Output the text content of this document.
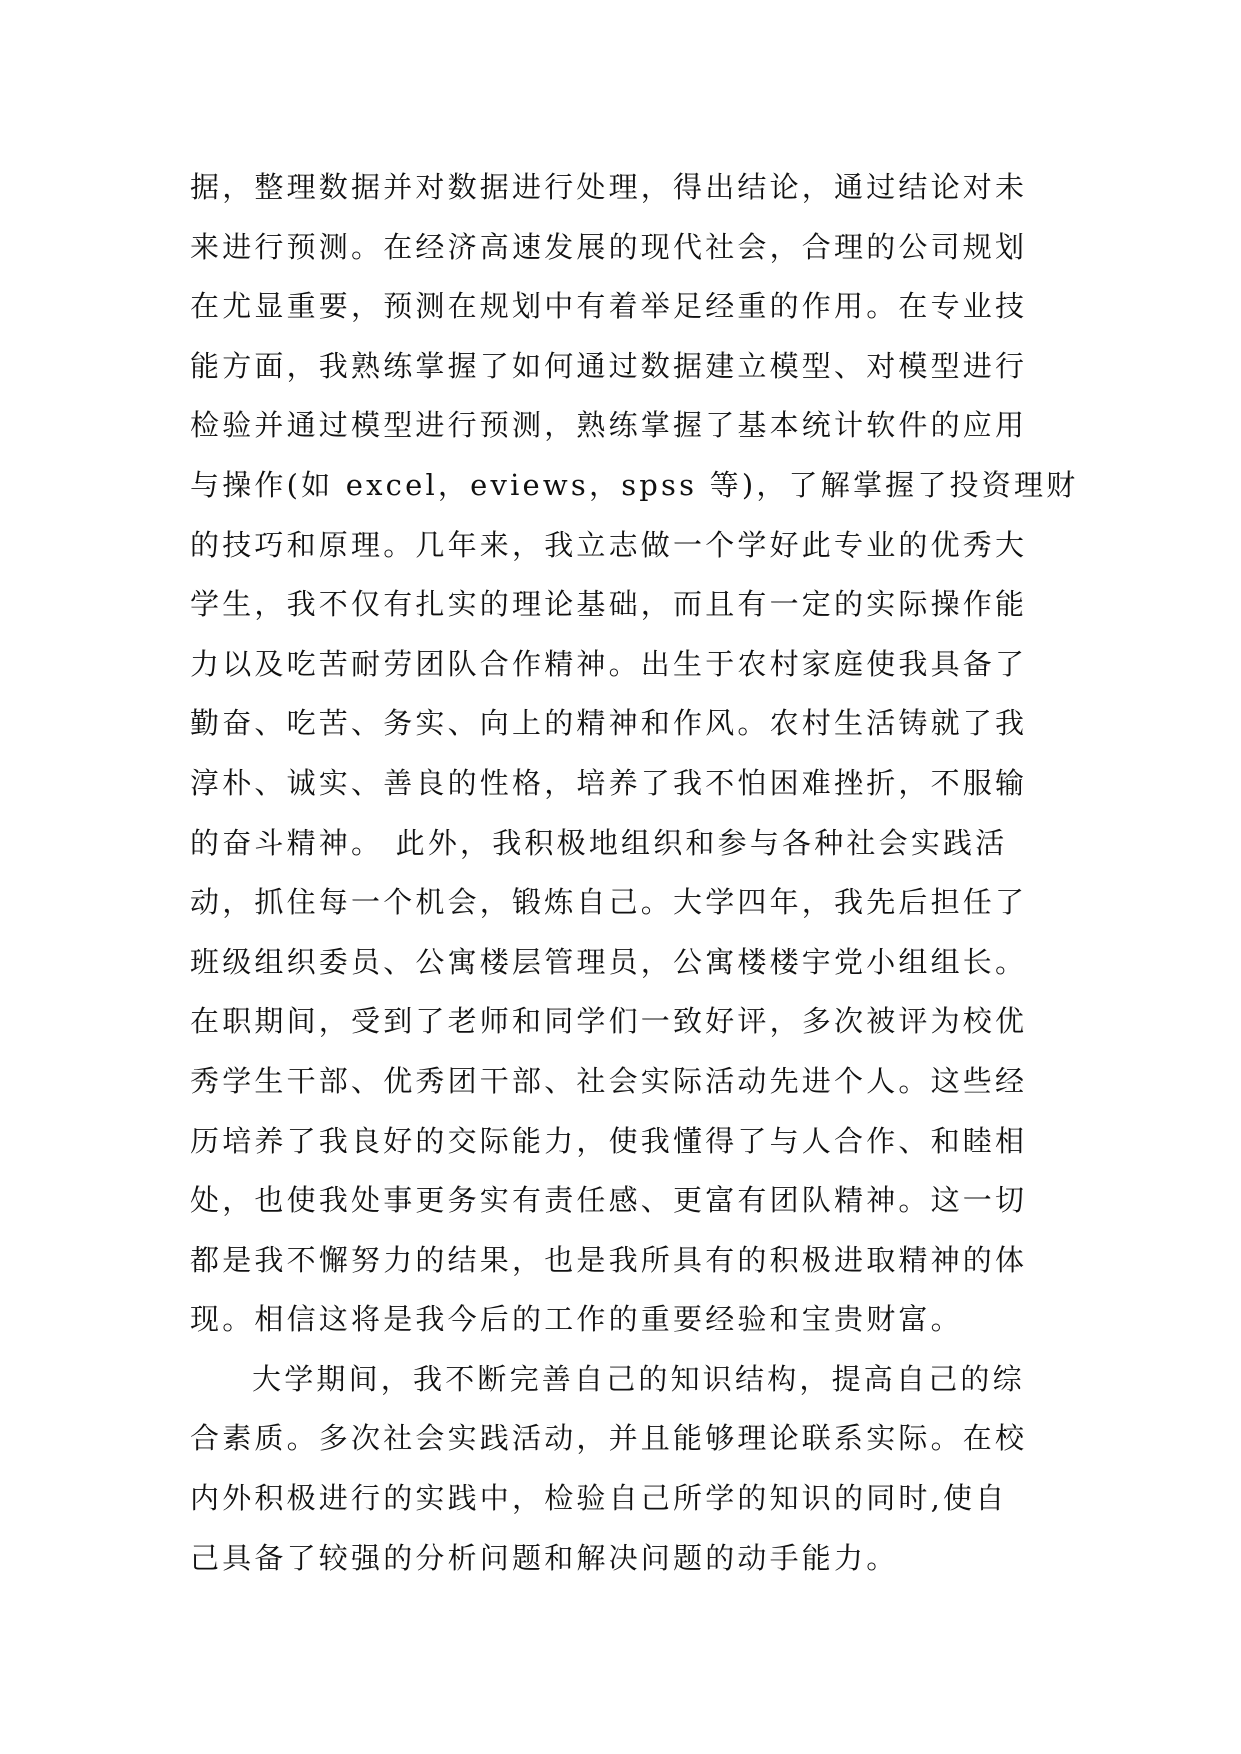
据，整理数据并对数据进行处理，得出结论，通过结论对未
来进行预测。在经济高速发展的现代社会，合理的公司规划
在尤显重要，预测在规划中有着举足经重的作用。在专业技
能方面，我熟练掌握了如何通过数据建立模型、对模型进行
检验并通过模型进行预测，熟练掌握了基本统计软件的应用
与操作(如 excel，eviews，spss 等)，了解掌握了投资理财
的技巧和原理。几年来，我立志做一个学好此专业的优秀大
学生，我不仅有扎实的理论基础，而且有一定的实际操作能
力以及吃苦耐劳团队合作精神。出生于农村家庭使我具备了
勤奋、吃苦、务实、向上的精神和作风。农村生活铸就了我
淳朴、诚实、善良的性格，培养了我不怕困难挫折，不服输
的奋斗精神。 此外，我积极地组织和参与各种社会实践活
动，抓住每一个机会，锻炼自己。大学四年，我先后担任了
班级组织委员、公寓楼层管理员，公寓楼楼宇党小组组长。
在职期间，受到了老师和同学们一致好评，多次被评为校优
秀学生干部、优秀团干部、社会实际活动先进个人。这些经
历培养了我良好的交际能力，使我懂得了与人合作、和睦相
处，也使我处事更务实有责任感、更富有团队精神。这一切
都是我不懈努力的结果，也是我所具有的积极进取精神的体
现。相信这将是我今后的工作的重要经验和宝贵财富。
大学期间，我不断完善自己的知识结构，提高自己的综
合素质。多次社会实践活动，并且能够理论联系实际。在校
内外积极进行的实践中，检验自己所学的知识的同时,使自
己具备了较强的分析问题和解决问题的动手能力。
